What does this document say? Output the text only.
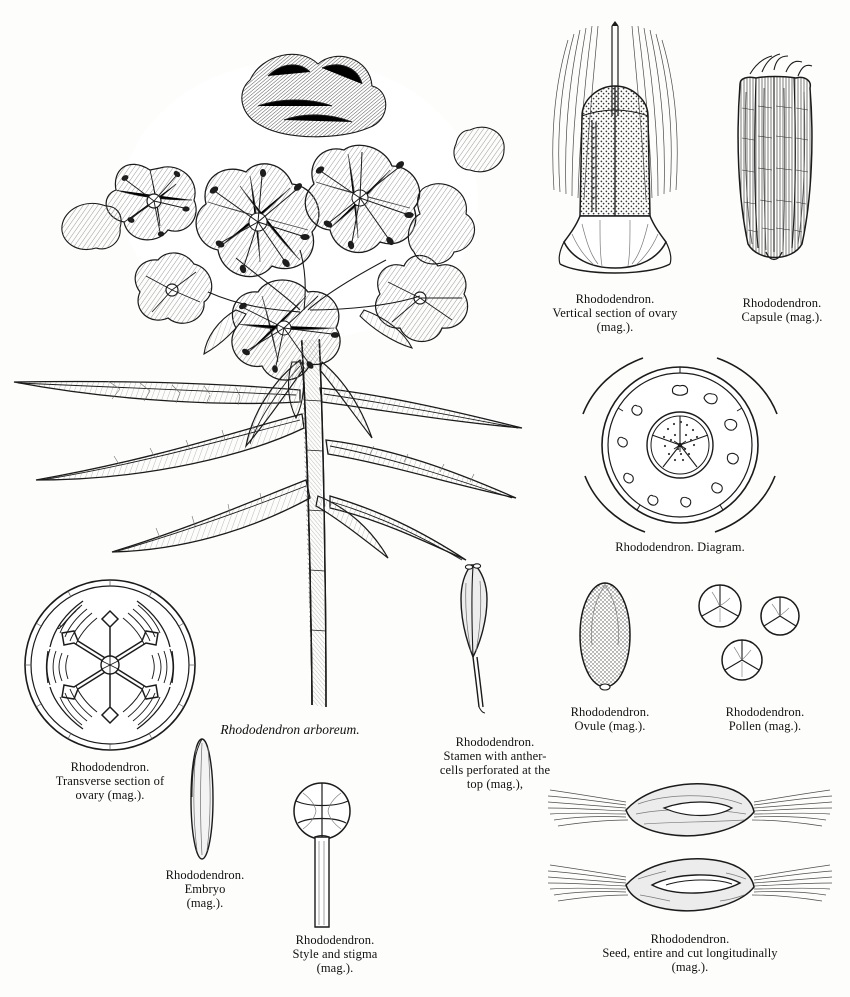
Rhododendron arboreum.
Rhododendron.
Vertical section of ovary
(mag.).
Rhododendron.
Capsule (mag.).
Rhododendron. Diagram.
Rhododendron.
Transverse section of
ovary (mag.).
Rhododendron.
Embryo
(mag.).
Rhododendron.
Style and stigma
(mag.).
Rhododendron.
Stamen with anther-
cells perforated at the
top (mag.),
Rhododendron.
Ovule (mag.).
Rhododendron.
Pollen (mag.).
Rhododendron.
Seed, entire and cut longitudinally
(mag.).
